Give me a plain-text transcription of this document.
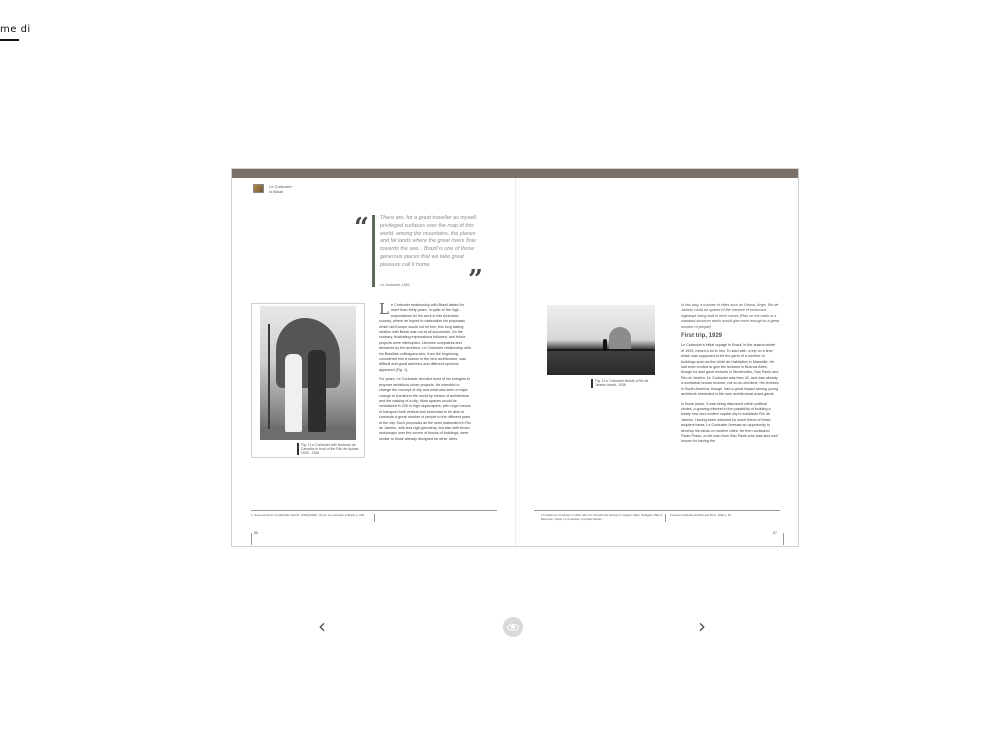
me di
Le Corbusier
in Brazil
“ There are, for a great traveller as myself, privileged surfaces over the map of this world, among the mountains, the planes and fat lands where the great rivers flow towards the sea... Brazil is one of those generous places that we take great pleasure call it home.
”
Le Corbusier, 1962
Fig. 1 Le Corbusier with Norberto de Carvalho in front of the Pão de Açúcar, 1929 - 1936

Le Corbusier relationship with Brazil lasted for more than thirty years. In spite of the high expectations for his work in this American country, where he hoped to materialize his proposals which old Europe would not let him, this long lasting relation with Brazil was not at all successful. On the contrary, frustrating expectations followed, and future projects were interrupted. Likewise complaints and demands by the architect. Le Corbusier relationship with his Brazilian colleagues who, from the beginning, considered him a mason in the new architecture, was difficult and great admirers and different opinions appeared (Fig. 1).

For years, Le Corbusier devoted most of his energies to propose ambitious urban projects. He intended to change the concept of city and what was seen a major change to transform the world by means of architecture and the making of a city. Work spaces would be centralized in 200 m high skyscrapers, with huge means of transport both vertical and horizontal to be able to commute a great number of people to the different parts of the city. Such proposals as the ones elaborated in Rio de Janeiro, with less rigid geometry, but also with broad motorways over the covers of blocks of buildings, were similar to those already designed for other cities.

Fig. 2 Le Corbusier beside a Rio de Janeiro beach, 1936

In this way, a number of cities such as Genoa, Argel, Rio de Janeiro could be spared of the menace of enormous highways being built in level curves (Plan on the basis of a standard structure which would give room enough to a great number of people)

First trip, 1929

Le Corbusier's initial voyage to Brazil, in the austral winter of 1929, meant a lot to him. To start with, a trip on a liner, which was supposed to be the germ of a number of buildings such as the Unité de Habitation in Marseille. He had been invited to give ten lectures in Buenos Aires, though he also gave lectures in Montevideo, Sao Paulo and Rio de Janeiro. Le Corbusier was then 42, and was already a worldwide known lecturer, not so an architect. His lectures in South America, though, had a great impact among young architects interested in the new architectural avant-garde.

In those years, it was being discussed within political circles, a growing interest in the possibility of building a totally new and modern capital city to substitute Rio de Janeiro. Having been informed by some friend of these incipient ideas, Le Corbusier foresaw an opportunity to develop his ideas on modern cities. He then contacted Paulo Prado, a rich man from Sao Paulo who was also well known for having the

1 "Some words for my Brazilian friends" (1962)(1962). (To be: Le Corbusier in Brazil, p. 200.	2 Invitation to Corbusier in 1929, after his visit with the Society in Lingotto, Milan, Stuttgart, Milky a Berenson, Oscar, Le Corbusier, Complete Works...
Ferreira in Estudiar Achibiri and Prize, 1996 p. 18.
86	87
‹	›
